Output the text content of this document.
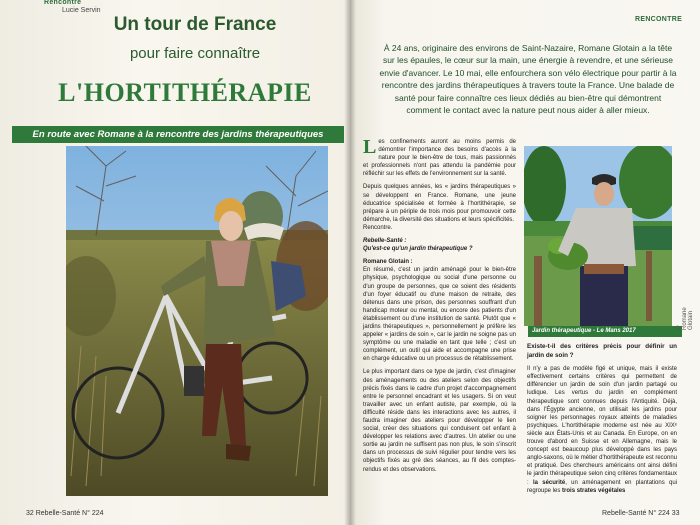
Rencontre
Lucie Servin
Un tour de France
pour faire connaître
L'HORTITHÉRAPIE
En route avec Romane à la rencontre des jardins thérapeutiques
© Elisabeth Glotain
32 Rebelle-Santé N° 224
RENCONTRE
Rebelle-Santé N° 224 33
À 24 ans, originaire des environs de Saint-Nazaire, Romane Glotain a la tête sur les épaules, le cœur sur la main, une énergie à revendre, et une sérieuse envie d'avancer. Le 10 mai, elle enfourchera son vélo électrique pour partir à la rencontre des jardins thérapeutiques à travers toute la France. Une balade de santé pour faire connaître ces lieux dédiés au bien-être qui démontrent comment le contact avec la nature peut nous aider à aller mieux.

Les confinements auront au moins permis de démontrer l'importance des besoins d'accès à la nature pour le bien-être de tous, mais passionnés et professionnels n'ont pas attendu la pandémie pour réfléchir sur les effets de l'environnement sur la santé.

Depuis quelques années, les « jardins thérapeutiques » se développent en France. Romane, une jeune éducatrice spécialisée et formée à l'hortithérapie, se prépare à un périple de trois mois pour promouvoir cette démarche, la diversité des situations et leurs spécificités.
Rencontre.

Rebelle-Santé :
Qu'est-ce qu'un jardin thérapeutique ?

Romane Glotain :
En résumé, c'est un jardin aménagé pour le bien-être physique, psychologique ou social d'une personne ou d'un groupe de personnes, que ce soient des résidents d'un foyer éducatif ou d'une maison de retraite, des détenus dans une prison, des personnes souffrant d'un handicap moteur ou mental, ou encore des patients d'un établissement ou d'une institution de santé. Plutôt que « jardins thérapeutiques », personnellement je préfère les appeler « jardins de soin », car le jardin ne soigne pas un symptôme ou une maladie en tant que telle ; c'est un complément, un outil qui aide et accompagne une prise en charge éducative ou un processus de rétablissement.

Le plus important dans ce type de jardin, c'est d'imaginer des aménagements ou des ateliers selon des objectifs précis fixés dans le cadre d'un projet d'accompagnement entre le personnel encadrant et les usagers. Si on veut travailler avec un enfant autiste, par exemple, où la difficulté réside dans les interactions avec les autres, il faudra imaginer des ateliers pour développer le lien social, créer des situations qui conduisent cet enfant à développer les relations avec d'autres. Un atelier ou une sortie au jardin ne suffisent pas non plus, le soin s'inscrit dans un processus de suivi régulier pour tendre vers les objectifs fixés au gré des séances, au fil des comptes-rendus et des observations.

Jardin thérapeutique - Le Mans 2017
© Romane Glotain

Existe-t-il des critères précis pour définir un jardin de soin ?

Il n'y a pas de modèle figé et unique, mais il existe effectivement certains critères qui permettent de différencier un jardin de soin d'un jardin partagé ou ludique. Les vertus du jardin en complément thérapeutique sont connues depuis l'Antiquité. Déjà, dans l'Égypte ancienne, on utilisait les jardins pour soigner les personnages royaux atteints de maladies psychiques. L'hortithérapie moderne est née au XIXᵉ siècle aux États-Unis et au Canada. En Europe, on en trouve d'abord en Suisse et en Allemagne, mais le concept est beaucoup plus développé dans les pays anglo-saxons, où le métier d'hortithérapeute est reconnu et pratiqué. Des chercheurs américains ont ainsi défini le jardin thérapeutique selon cinq critères fondamentaux : la sécurité, un aménagement en plantations qui regroupe les trois strates végétales
